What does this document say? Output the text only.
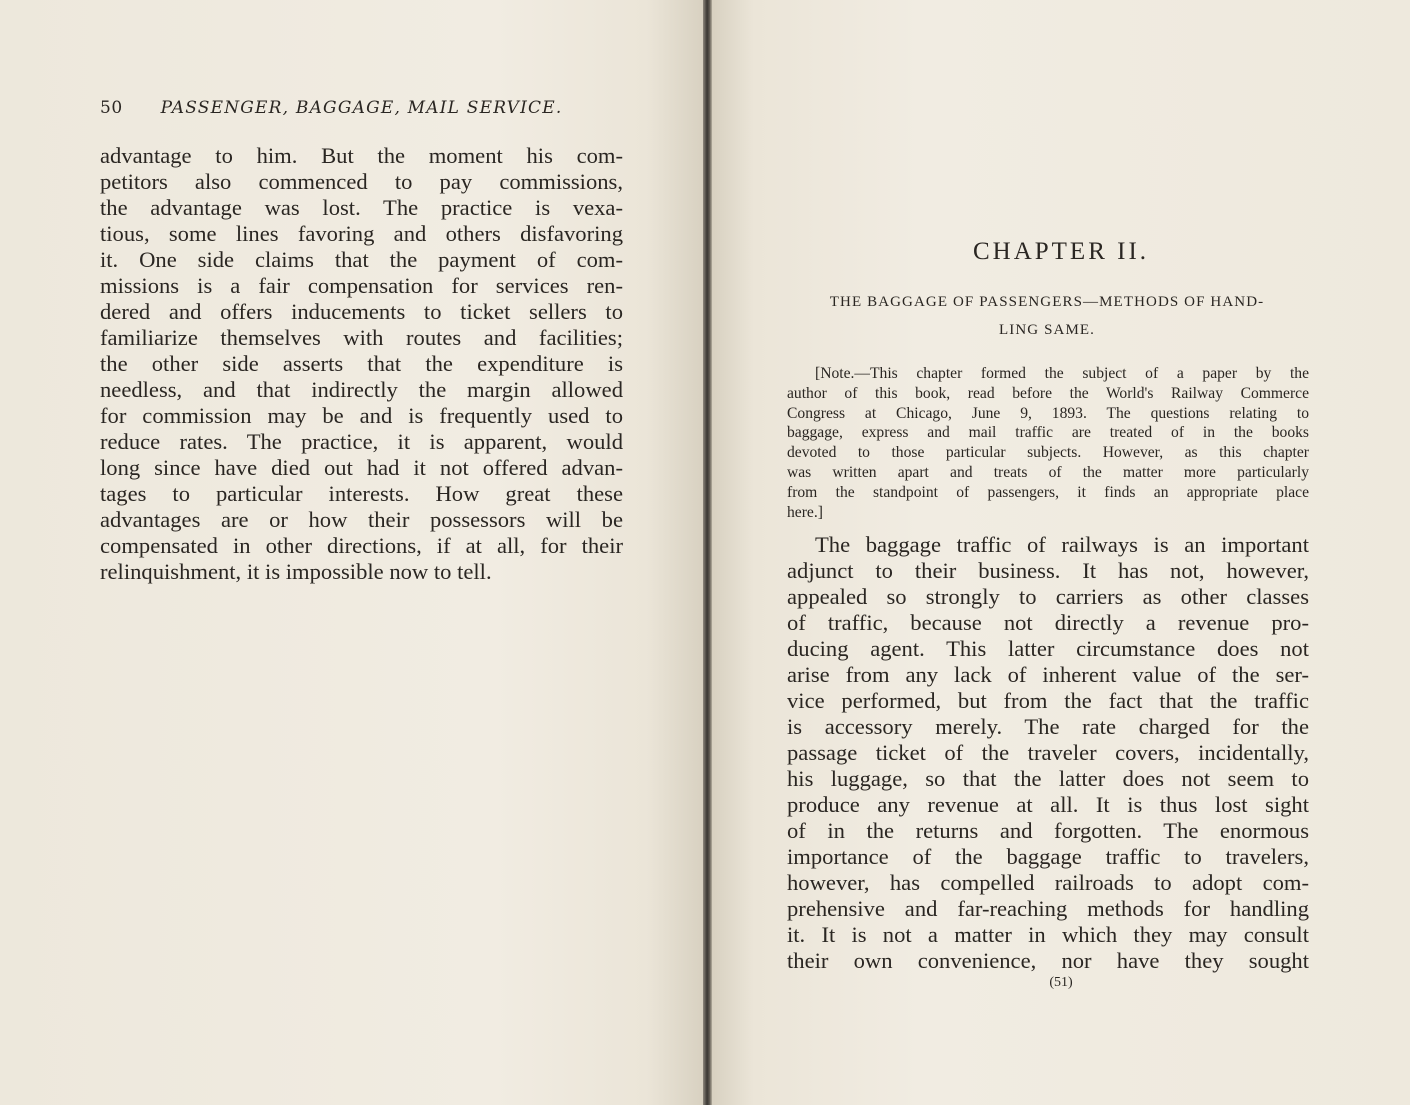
50 PASSENGER, BAGGAGE, MAIL SERVICE.
advantage to him. But the moment his com-
petitors also commenced to pay commissions,
the advantage was lost. The practice is vexa-
tious, some lines favoring and others disfavoring
it. One side claims that the payment of com-
missions is a fair compensation for services ren-
dered and offers inducements to ticket sellers to
familiarize themselves with routes and facilities;
the other side asserts that the expenditure is
needless, and that indirectly the margin allowed
for commission may be and is frequently used to
reduce rates. The practice, it is apparent, would
long since have died out had it not offered advan-
tages to particular interests. How great these
advantages are or how their possessors will be
compensated in other directions, if at all, for their
relinquishment, it is impossible now to tell.
CHAPTER II.
THE BAGGAGE OF PASSENGERS—METHODS OF HAND-
LING SAME.
[Note.—This chapter formed the subject of a paper by the
author of this book, read before the World's Railway Commerce
Congress at Chicago, June 9, 1893. The questions relating to
baggage, express and mail traffic are treated of in the books
devoted to those particular subjects. However, as this chapter
was written apart and treats of the matter more particularly
from the standpoint of passengers, it finds an appropriate place
here.]
The baggage traffic of railways is an important
adjunct to their business. It has not, however,
appealed so strongly to carriers as other classes
of traffic, because not directly a revenue pro-
ducing agent. This latter circumstance does not
arise from any lack of inherent value of the ser-
vice performed, but from the fact that the traffic
is accessory merely. The rate charged for the
passage ticket of the traveler covers, incidentally,
his luggage, so that the latter does not seem to
produce any revenue at all. It is thus lost sight
of in the returns and forgotten. The enormous
importance of the baggage traffic to travelers,
however, has compelled railroads to adopt com-
prehensive and far-reaching methods for handling
it. It is not a matter in which they may consult
their own convenience, nor have they sought
(51)
